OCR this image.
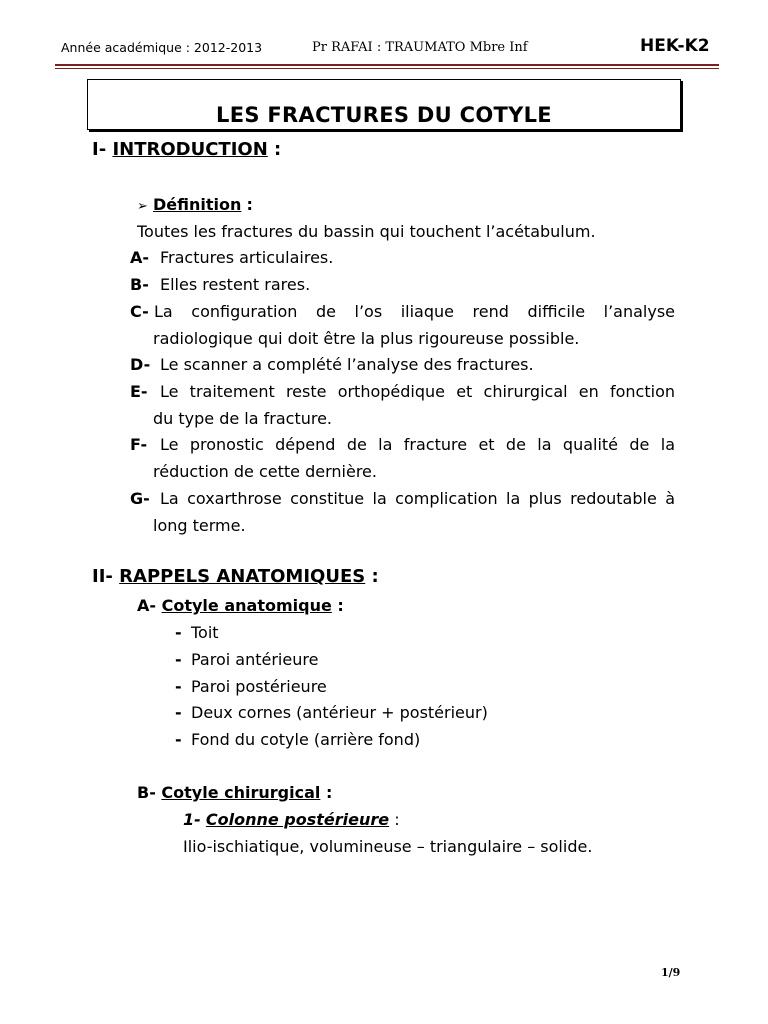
Année académique : 2012-2013	Pr RAFAI : TRAUMATO Mbre Inf	HEK-K2
LES FRACTURES DU COTYLE
I- INTRODUCTION :
➢ Définition :
Toutes les fractures du bassin qui touchent l’acétabulum.
A- Fractures articulaires.
B- Elles restent rares.
C- La configuration de l’os iliaque rend difficile l’analyse
radiologique qui doit être la plus rigoureuse possible.
D- Le scanner a complété l’analyse des fractures.
E- Le traitement reste orthopédique et chirurgical en fonction
du type de la fracture.
F- Le pronostic dépend de la fracture et de la qualité de la
réduction de cette dernière.
G- La coxarthrose constitue la complication la plus redoutable à
long terme.
II- RAPPELS ANATOMIQUES :
A- Cotyle anatomique :
- Toit
- Paroi antérieure
- Paroi postérieure
- Deux cornes (antérieur + postérieur)
- Fond du cotyle (arrière fond)
B- Cotyle chirurgical :
1- Colonne postérieure :
Ilio-ischiatique, volumineuse – triangulaire – solide.
1/9
